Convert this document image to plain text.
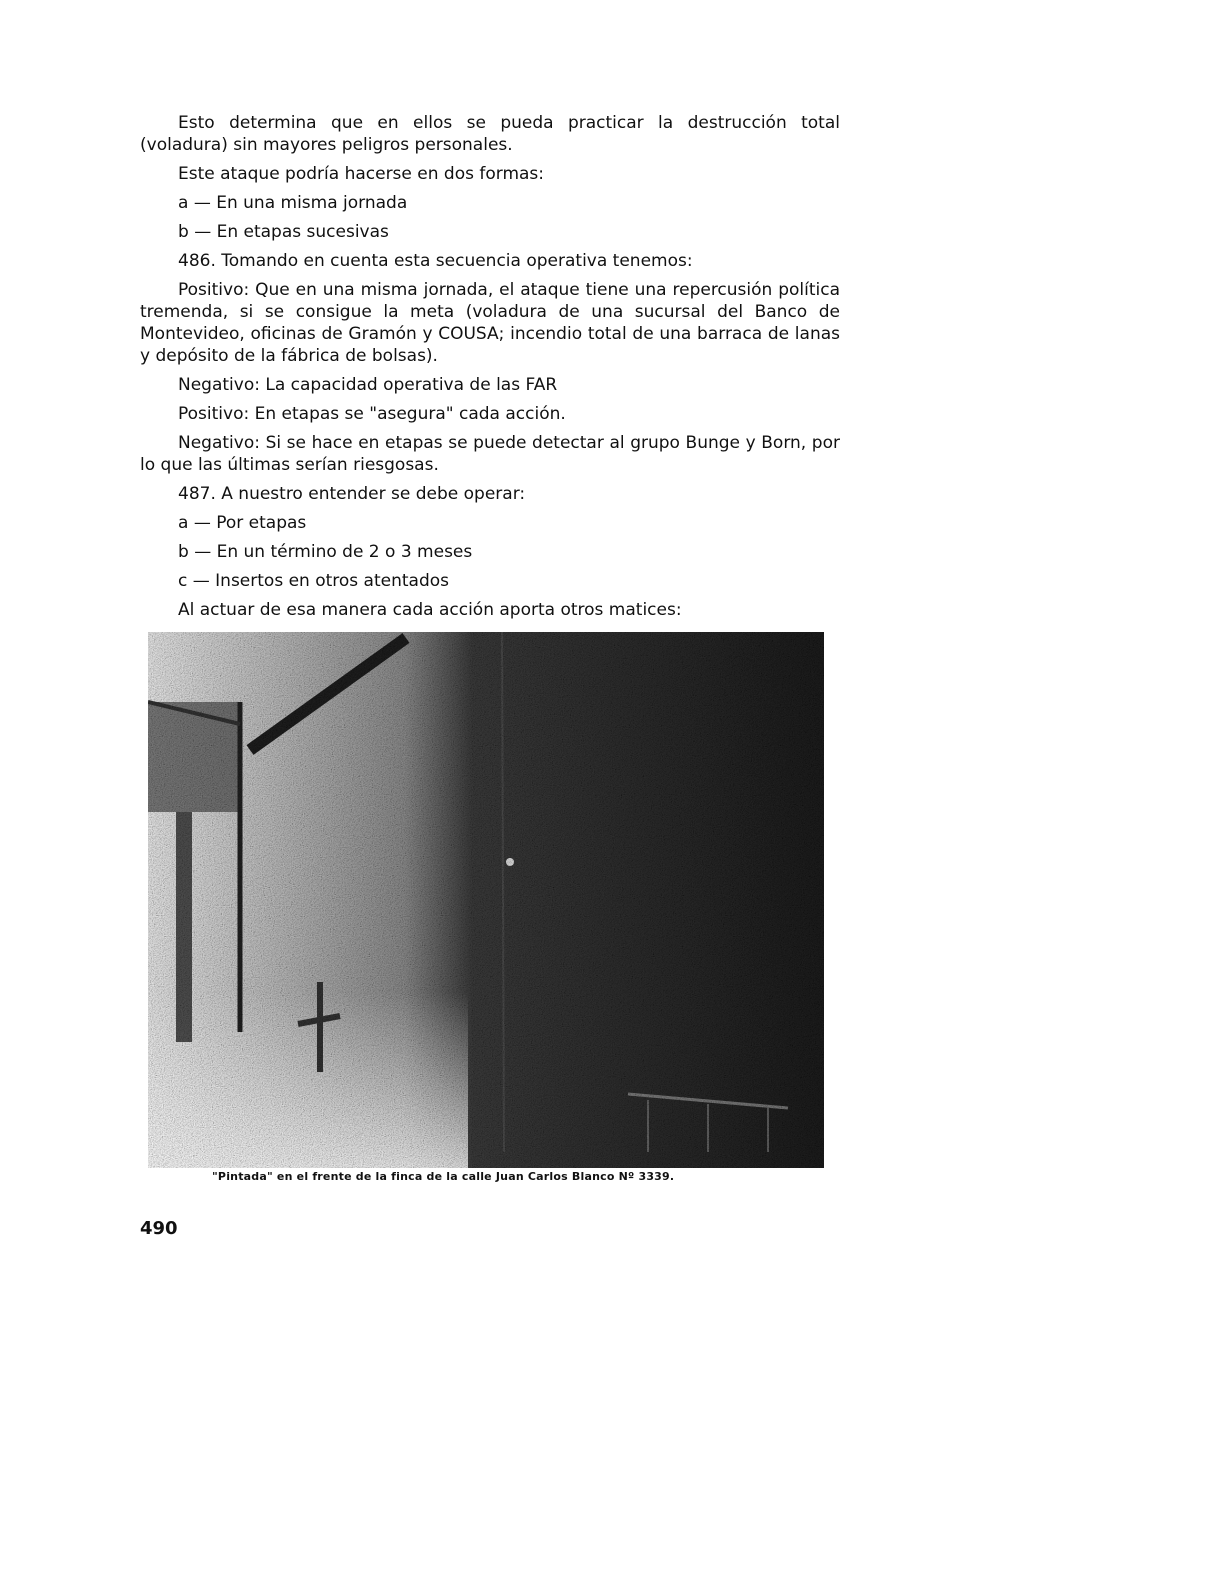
Esto determina que en ellos se pueda practicar la destrucción total (voladura) sin mayores peligros personales.

Este ataque podría hacerse en dos formas:

a — En una misma jornada
b — En etapas sucesivas

486. Tomando en cuenta esta secuencia operativa tenemos:

Positivo: Que en una misma jornada, el ataque tiene una repercusión política tremenda, si se consigue la meta (voladura de una sucursal del Banco de Montevideo, oficinas de Gramón y COUSA; incendio total de una barraca de lanas y depósito de la fábrica de bolsas).

Negativo: La capacidad operativa de las FAR

Positivo: En etapas se "asegura" cada acción.

Negativo: Si se hace en etapas se puede detectar al grupo Bunge y Born, por lo que las últimas serían riesgosas.

487. A nuestro entender se debe operar:

a — Por etapas
b — En un término de 2 o 3 meses
c — Insertos en otros atentados

Al actuar de esa manera cada acción aporta otros matices:

"Pintada" en el frente de la finca de la calle Juan Carlos Blanco Nº 3339.
490
